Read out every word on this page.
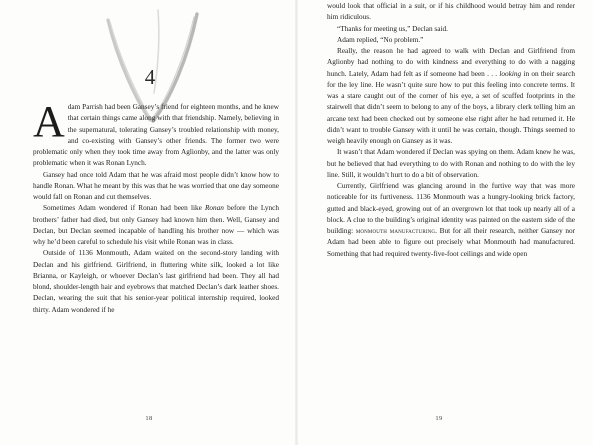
4

Adam Parrish had been Gansey’s friend for eighteen months, and he knew that certain things came along with that friendship. Namely, believing in the supernatural, tolerating Gansey’s troubled relationship with money, and co-existing with Gansey’s other friends. The former two were problematic only when they took time away from Aglionby, and the latter was only problematic when it was Ronan Lynch.

Gansey had once told Adam that he was afraid most people didn’t know how to handle Ronan. What he meant by this was that he was worried that one day someone would fall on Ronan and cut themselves.

Sometimes Adam wondered if Ronan had been like Ronan before the Lynch brothers’ father had died, but only Gansey had known him then. Well, Gansey and Declan, but Declan seemed incapable of handling his brother now — which was why he’d been careful to schedule his visit while Ronan was in class.

Outside of 1136 Monmouth, Adam waited on the second-story landing with Declan and his girlfriend. Girlfriend, in fluttering white silk, looked a lot like Brianna, or Kayleigh, or whoever Declan’s last girlfriend had been. They all had blond, shoulder-length hair and eyebrows that matched Declan’s dark leather shoes. Declan, wearing the suit that his senior-year political internship required, looked thirty. Adam wondered if he

18

would look that official in a suit, or if his childhood would betray him and render him ridiculous.

“Thanks for meeting us,” Declan said.

Adam replied, “No problem.”

Really, the reason he had agreed to walk with Declan and Girlfriend from Aglionby had nothing to do with kindness and everything to do with a nagging hunch. Lately, Adam had felt as if someone had been . . . looking in on their search for the ley line. He wasn’t quite sure how to put this feeling into concrete terms. It was a stare caught out of the corner of his eye, a set of scuffed footprints in the stairwell that didn’t seem to belong to any of the boys, a library clerk telling him an arcane text had been checked out by someone else right after he had returned it. He didn’t want to trouble Gansey with it until he was certain, though. Things seemed to weigh heavily enough on Gansey as it was.

It wasn’t that Adam wondered if Declan was spying on them. Adam knew he was, but he believed that had everything to do with Ronan and nothing to do with the ley line. Still, it wouldn’t hurt to do a bit of observation.

Currently, Girlfriend was glancing around in the furtive way that was more noticeable for its furtiveness. 1136 Monmouth was a hungry-looking brick factory, gutted and black-eyed, growing out of an overgrown lot that took up nearly all of a block. A clue to the building’s original identity was painted on the eastern side of the building: monmouth manufacturing. But for all their research, neither Gansey nor Adam had been able to figure out precisely what Monmouth had manufactured. Something that had required twenty-five-foot ceilings and wide open

19
